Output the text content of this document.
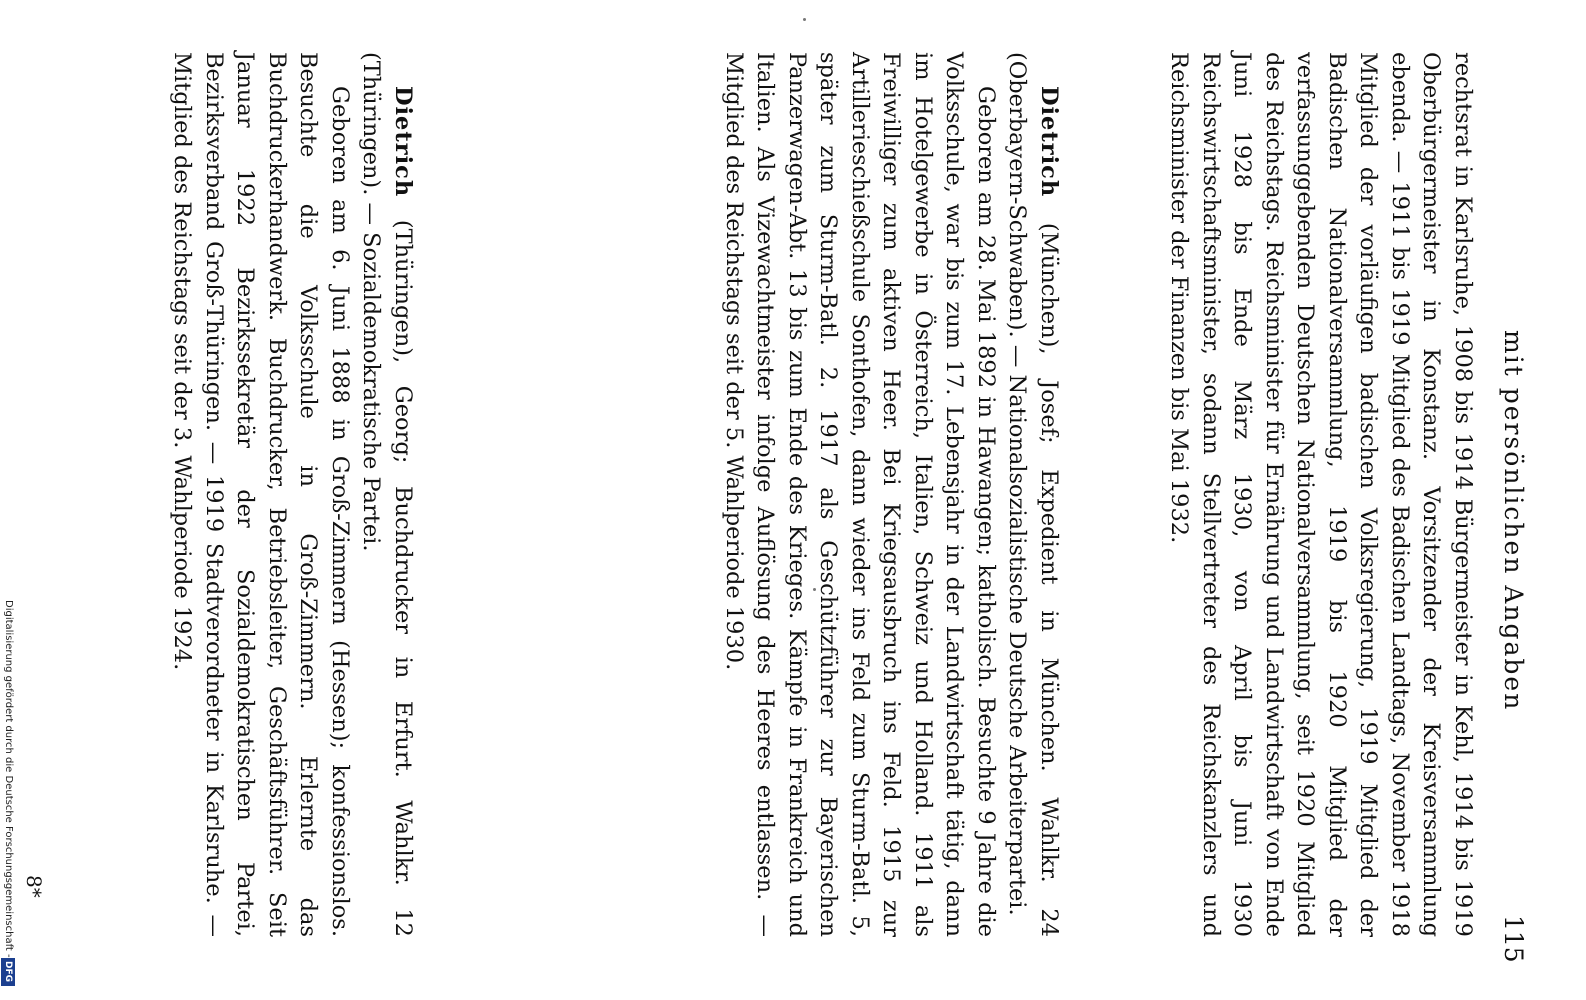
mit persönlichen Angaben
115

rechtsrat in Karlsruhe, 1908 bis 1914 Bürgermeister in Kehl, 1914 bis 1919 Oberbürgermeister in Konstanz. Vorsitzender der Kreisversammlung ebenda. — 1911 bis 1919 Mitglied des Badischen Landtags, November 1918 Mitglied der vorläufigen badischen Volksregierung, 1919 Mitglied der Badischen Nationalversammlung, 1919 bis 1920 Mitglied der verfassunggebenden Deutschen Nationalversammlung, seit 1920 Mitglied des Reichstags. Reichsminister für Ernährung und Landwirtschaft von Ende Juni 1928 bis Ende März 1930, von April bis Juni 1930 Reichswirtschaftsminister, sodann Stellvertreter des Reichskanzlers und Reichsminister der Finanzen bis Mai 1932.

Dietrich (München), Josef; Expedient in München. Wahlkr. 24 (Oberbayern-Schwaben). — Nationalsozialistische Deutsche Arbeiterpartei.

Geboren am 28. Mai 1892 in Hawangen; katholisch. Besuchte 9 Jahre die Volksschule, war bis zum 17. Lebensjahr in der Landwirtschaft tätig, dann im Hotelgewerbe in Österreich, Italien, Schweiz und Holland. 1911 als Freiwilliger zum aktiven Heer. Bei Kriegsausbruch ins Feld. 1915 zur Artillerieschießschule Sonthofen, dann wieder ins Feld zum Sturm-Batl. 5, später zum Sturm-Batl. 2. 1917 als Geschützführer zur Bayerischen Panzerwagen-Abt. 13 bis zum Ende des Krieges. Kämpfe in Frankreich und Italien. Als Vizewachtmeister infolge Auflösung des Heeres entlassen. — Mitglied des Reichstags seit der 5. Wahlperiode 1930.

Dietrich (Thüringen), Georg; Buchdrucker in Erfurt. Wahlkr. 12 (Thüringen). — Sozialdemokratische Partei.

Geboren am 6. Juni 1888 in Groß-Zimmern (Hessen); konfessionslos. Besuchte die Volksschule in Groß-Zimmern. Erlernte das Buchdruckerhandwerk. Buchdrucker, Betriebsleiter, Geschäftsführer. Seit Januar 1922 Bezirkssekretär der Sozialdemokratischen Partei, Bezirksverband Groß-Thüringen. — 1919 Stadtverordneter in Karlsruhe. — Mitglied des Reichstags seit der 3. Wahlperiode 1924.

8*
Digitalisierung gefördert durch die Deutsche Forschungsgemeinschaft -
DFG
